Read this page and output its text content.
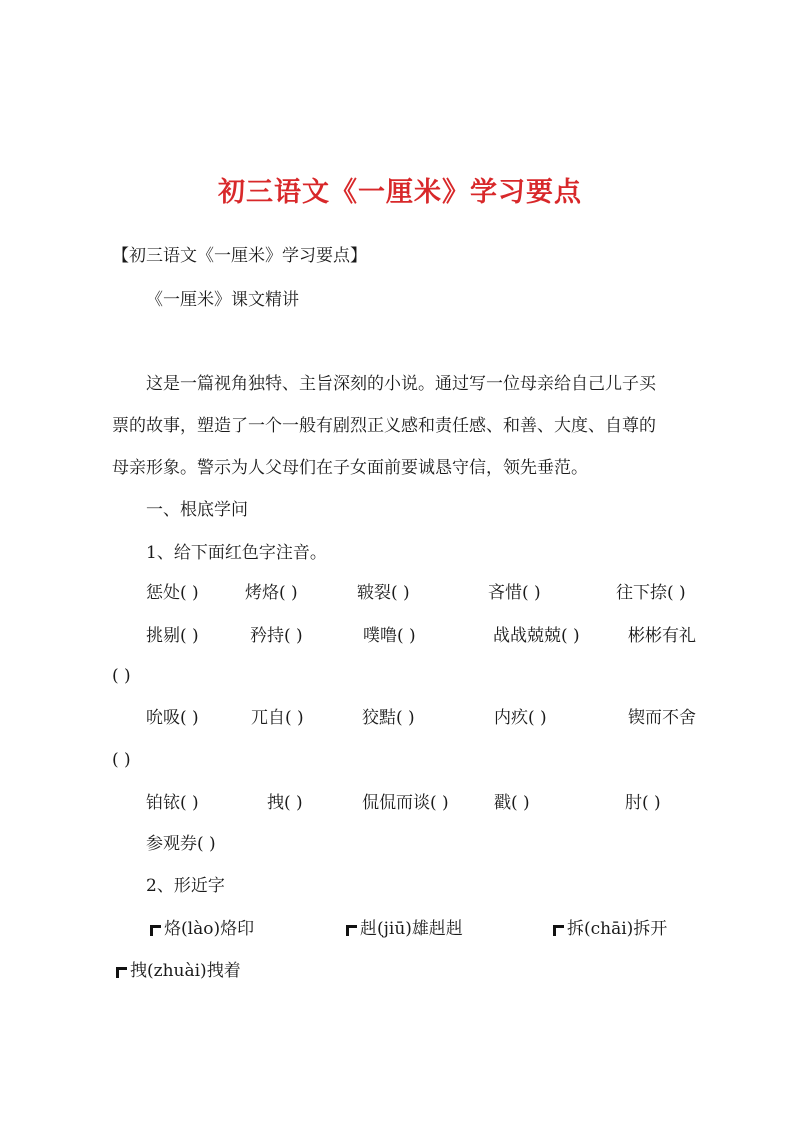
初三语文《一厘米》学习要点
【初三语文《一厘米》学习要点】
《一厘米》课文精讲
这是一篇视角独特、主旨深刻的小说。通过写一位母亲给自己儿子买
票的故事，塑造了一个一般有剧烈正义感和责任感、和善、大度、自尊的
母亲形象。警示为人父母们在子女面前要诚恳守信，领先垂范。
一、根底学问
1、给下面红色字注音。
惩处( )	烤烙( )	皲裂( )	吝惜( )	往下捺( )
挑剔( )	矜持( )	噗噜( )	战战兢兢( )	彬彬有礼
( )
吮吸( )	兀自( )	狡黠( )	内疚( )	锲而不舍
( )
铂铱( )	拽( )	侃侃而谈( )	戳( )	肘( )
参观券( )
2、形近字
烙(lào)烙印	赳(jiū)雄赳赳	拆(chāi)拆开
拽(zhuài)拽着
